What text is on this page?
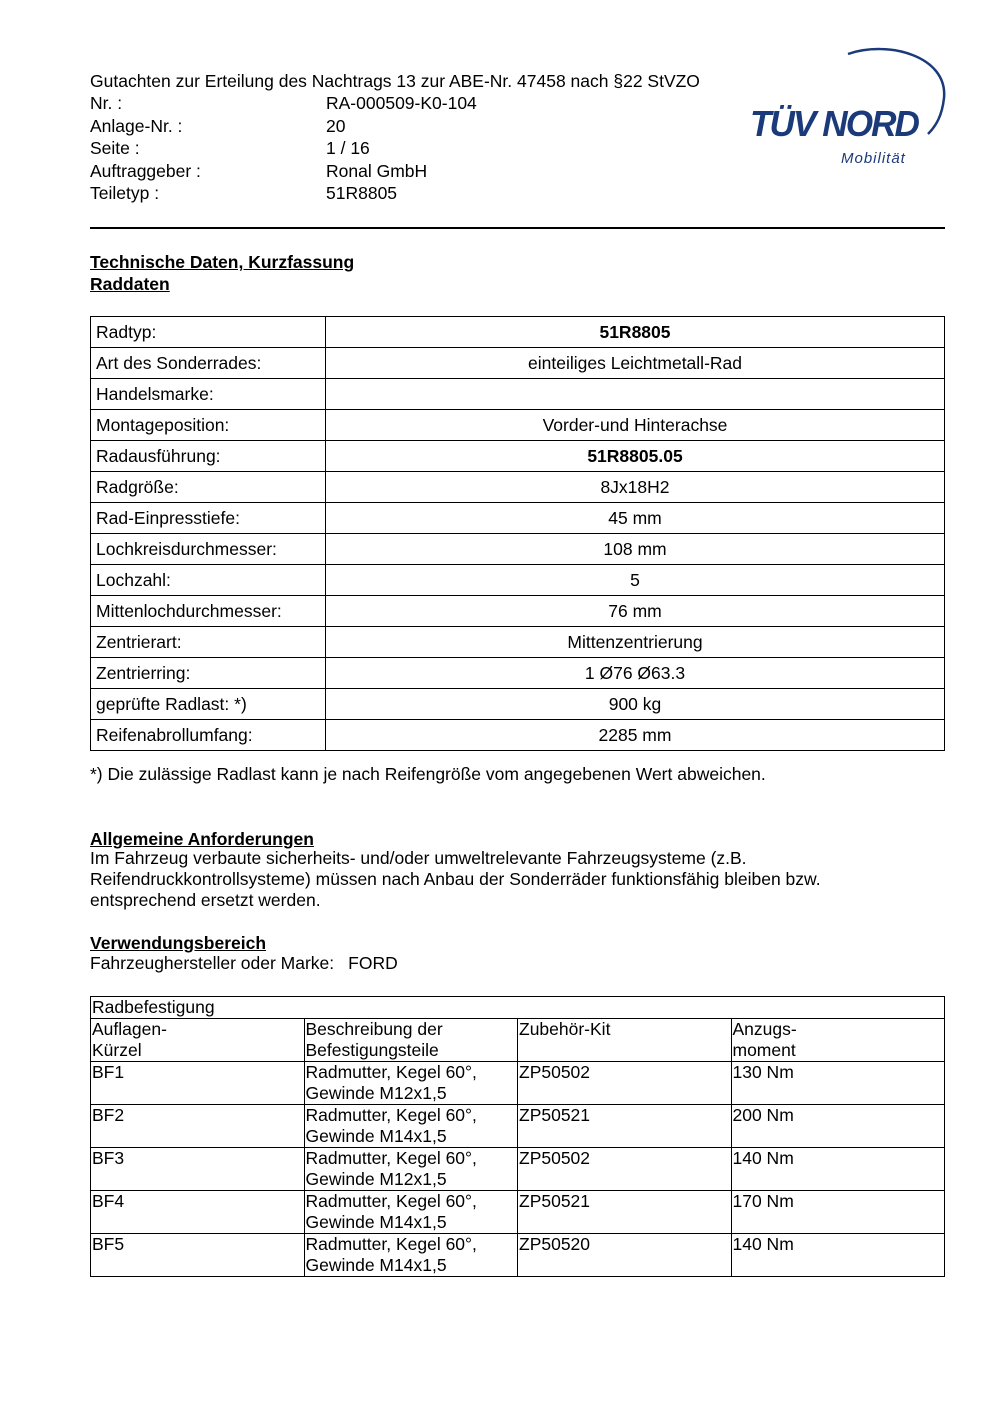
Gutachten zur Erteilung des Nachtrags 13 zur ABE-Nr. 47458 nach §22 StVZO
Nr. :	RA-000509-K0-104
Anlage-Nr. :	20
Seite :	1 / 16
Auftraggeber :	Ronal GmbH
Teiletyp :	51R8805
TÜV NORD
Mobilität
Technische Daten, Kurzfassung
Raddaten
Radtyp:	51R8805
Art des Sonderrades:	einteiliges Leichtmetall-Rad
Handelsmarke:	
Montageposition:	Vorder-und Hinterachse
Radausführung:	51R8805.05
Radgröße:	8Jx18H2
Rad-Einpresstiefe:	45 mm
Lochkreisdurchmesser:	108 mm
Lochzahl:	5
Mittenlochdurchmesser:	76 mm
Zentrierart:	Mittenzentrierung
Zentrierring:	1 Ø76 Ø63.3
geprüfte Radlast: *)	900 kg
Reifenabrollumfang:	2285 mm
*) Die zulässige Radlast kann je nach Reifengröße vom angegebenen Wert abweichen.
Allgemeine Anforderungen
Im Fahrzeug verbaute sicherheits- und/oder umweltrelevante Fahrzeugsysteme (z.B.
Reifendruckkontrollsysteme) müssen nach Anbau der Sonderräder funktionsfähig bleiben bzw.
entsprechend ersetzt werden.
Verwendungsbereich
Fahrzeughersteller oder Marke: FORD
Radbefestigung			
Auflagen-
Kürzel	Beschreibung der Befestigungsteile	Zubehör-Kit	Anzugs-
moment
BF1	Radmutter, Kegel 60°, Gewinde M12x1,5	ZP50502	130 Nm
BF2	Radmutter, Kegel 60°, Gewinde M14x1,5	ZP50521	200 Nm
BF3	Radmutter, Kegel 60°, Gewinde M12x1,5	ZP50502	140 Nm
BF4	Radmutter, Kegel 60°, Gewinde M14x1,5	ZP50521	170 Nm
BF5	Radmutter, Kegel 60°, Gewinde M14x1,5	ZP50520	140 Nm
